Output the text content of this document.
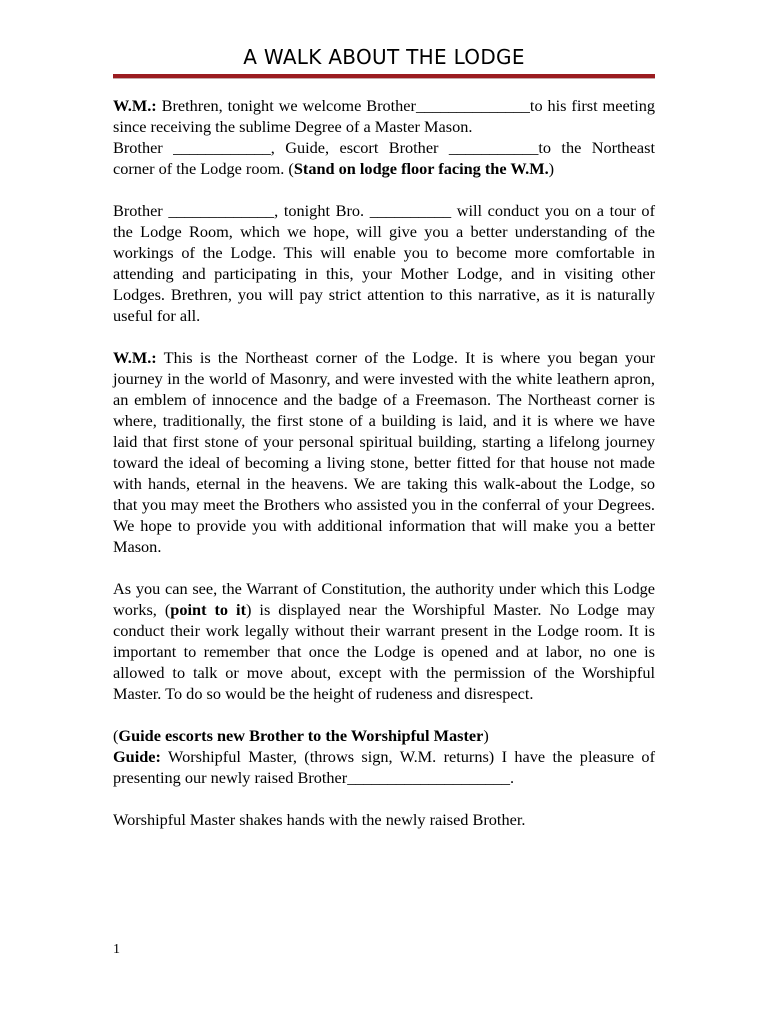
A WALK ABOUT THE LODGE

W.M.: Brethren, tonight we welcome Brother______________to his first meeting since receiving the sublime Degree of a Master Mason.
Brother ____________, Guide, escort Brother ___________to the Northeast corner of the Lodge room. (Stand on lodge floor facing the W.M.)

Brother _____________, tonight Bro. __________ will conduct you on a tour of the Lodge Room, which we hope, will give you a better understanding of the workings of the Lodge. This will enable you to become more comfortable in attending and participating in this, your Mother Lodge, and in visiting other Lodges. Brethren, you will pay strict attention to this narrative, as it is naturally useful for all.

W.M.: This is the Northeast corner of the Lodge. It is where you began your journey in the world of Masonry, and were invested with the white leathern apron, an emblem of innocence and the badge of a Freemason. The Northeast corner is where, traditionally, the first stone of a building is laid, and it is where we have laid that first stone of your personal spiritual building, starting a lifelong journey toward the ideal of becoming a living stone, better fitted for that house not made with hands, eternal in the heavens. We are taking this walk-about the Lodge, so that you may meet the Brothers who assisted you in the conferral of your Degrees. We hope to provide you with additional information that will make you a better Mason.

As you can see, the Warrant of Constitution, the authority under which this Lodge works, (point to it) is displayed near the Worshipful Master. No Lodge may conduct their work legally without their warrant present in the Lodge room. It is important to remember that once the Lodge is opened and at labor, no one is allowed to talk or move about, except with the permission of the Worshipful Master. To do so would be the height of rudeness and disrespect.

(Guide escorts new Brother to the Worshipful Master)
Guide: Worshipful Master, (throws sign, W.M. returns) I have the pleasure of presenting our newly raised Brother____________________.

Worshipful Master shakes hands with the newly raised Brother.

1
